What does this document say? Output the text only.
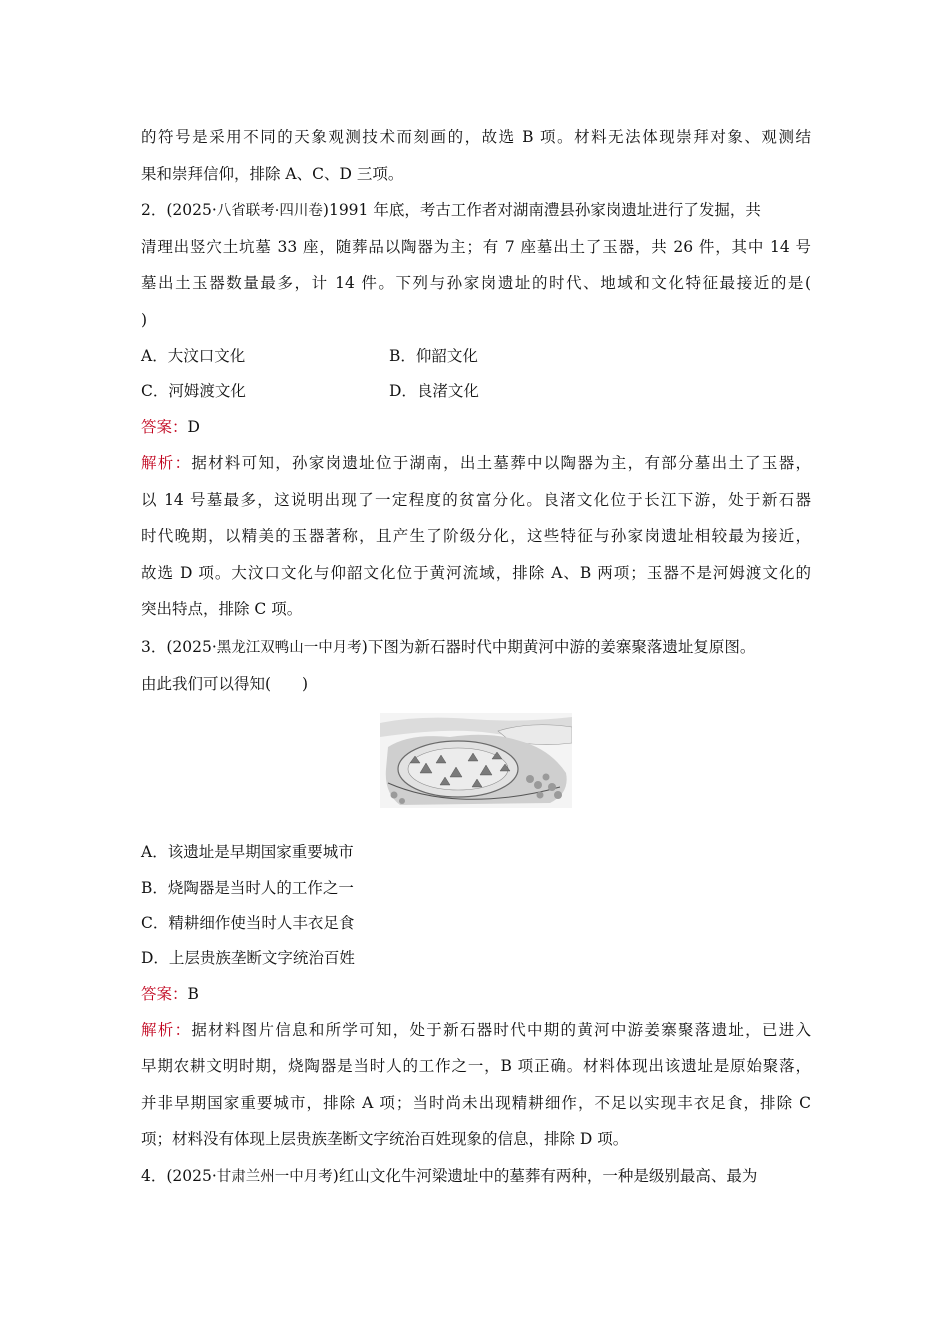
的符号是采用不同的天象观测技术而刻画的，故选 B 项。材料无法体现崇拜对象、观测结
果和崇拜信仰，排除 A、C、D 三项。
2．(2025·八省联考·四川卷)1991 年底，考古工作者对湖南澧县孙家岗遗址进行了发掘，共
清理出竖穴土坑墓 33 座，随葬品以陶器为主；有 7 座墓出土了玉器，共 26 件，其中 14 号
墓出土玉器数量最多，计 14 件。下列与孙家岗遗址的时代、地域和文化特征最接近的是(
)
A．大汶口文化	B．仰韶文化
C．河姆渡文化	D．良渚文化
答案：D
解析：据材料可知，孙家岗遗址位于湖南，出土墓葬中以陶器为主，有部分墓出土了玉器，
以 14 号墓最多，这说明出现了一定程度的贫富分化。良渚文化位于长江下游，处于新石器
时代晚期，以精美的玉器著称，且产生了阶级分化，这些特征与孙家岗遗址相较最为接近，
故选 D 项。大汶口文化与仰韶文化位于黄河流域，排除 A、B 两项；玉器不是河姆渡文化的
突出特点，排除 C 项。
3．(2025·黑龙江双鸭山一中月考)下图为新石器时代中期黄河中游的姜寨聚落遗址复原图。
由此我们可以得知(　　)
A．该遗址是早期国家重要城市
B．烧陶器是当时人的工作之一
C．精耕细作使当时人丰衣足食
D．上层贵族垄断文字统治百姓
答案：B
解析：据材料图片信息和所学可知，处于新石器时代中期的黄河中游姜寨聚落遗址，已进入
早期农耕文明时期，烧陶器是当时人的工作之一，B 项正确。材料体现出该遗址是原始聚落，
并非早期国家重要城市，排除 A 项；当时尚未出现精耕细作，不足以实现丰衣足食，排除 C
项；材料没有体现上层贵族垄断文字统治百姓现象的信息，排除 D 项。
4．(2025·甘肃兰州一中月考)红山文化牛河梁遗址中的墓葬有两种，一种是级别最高、最为
